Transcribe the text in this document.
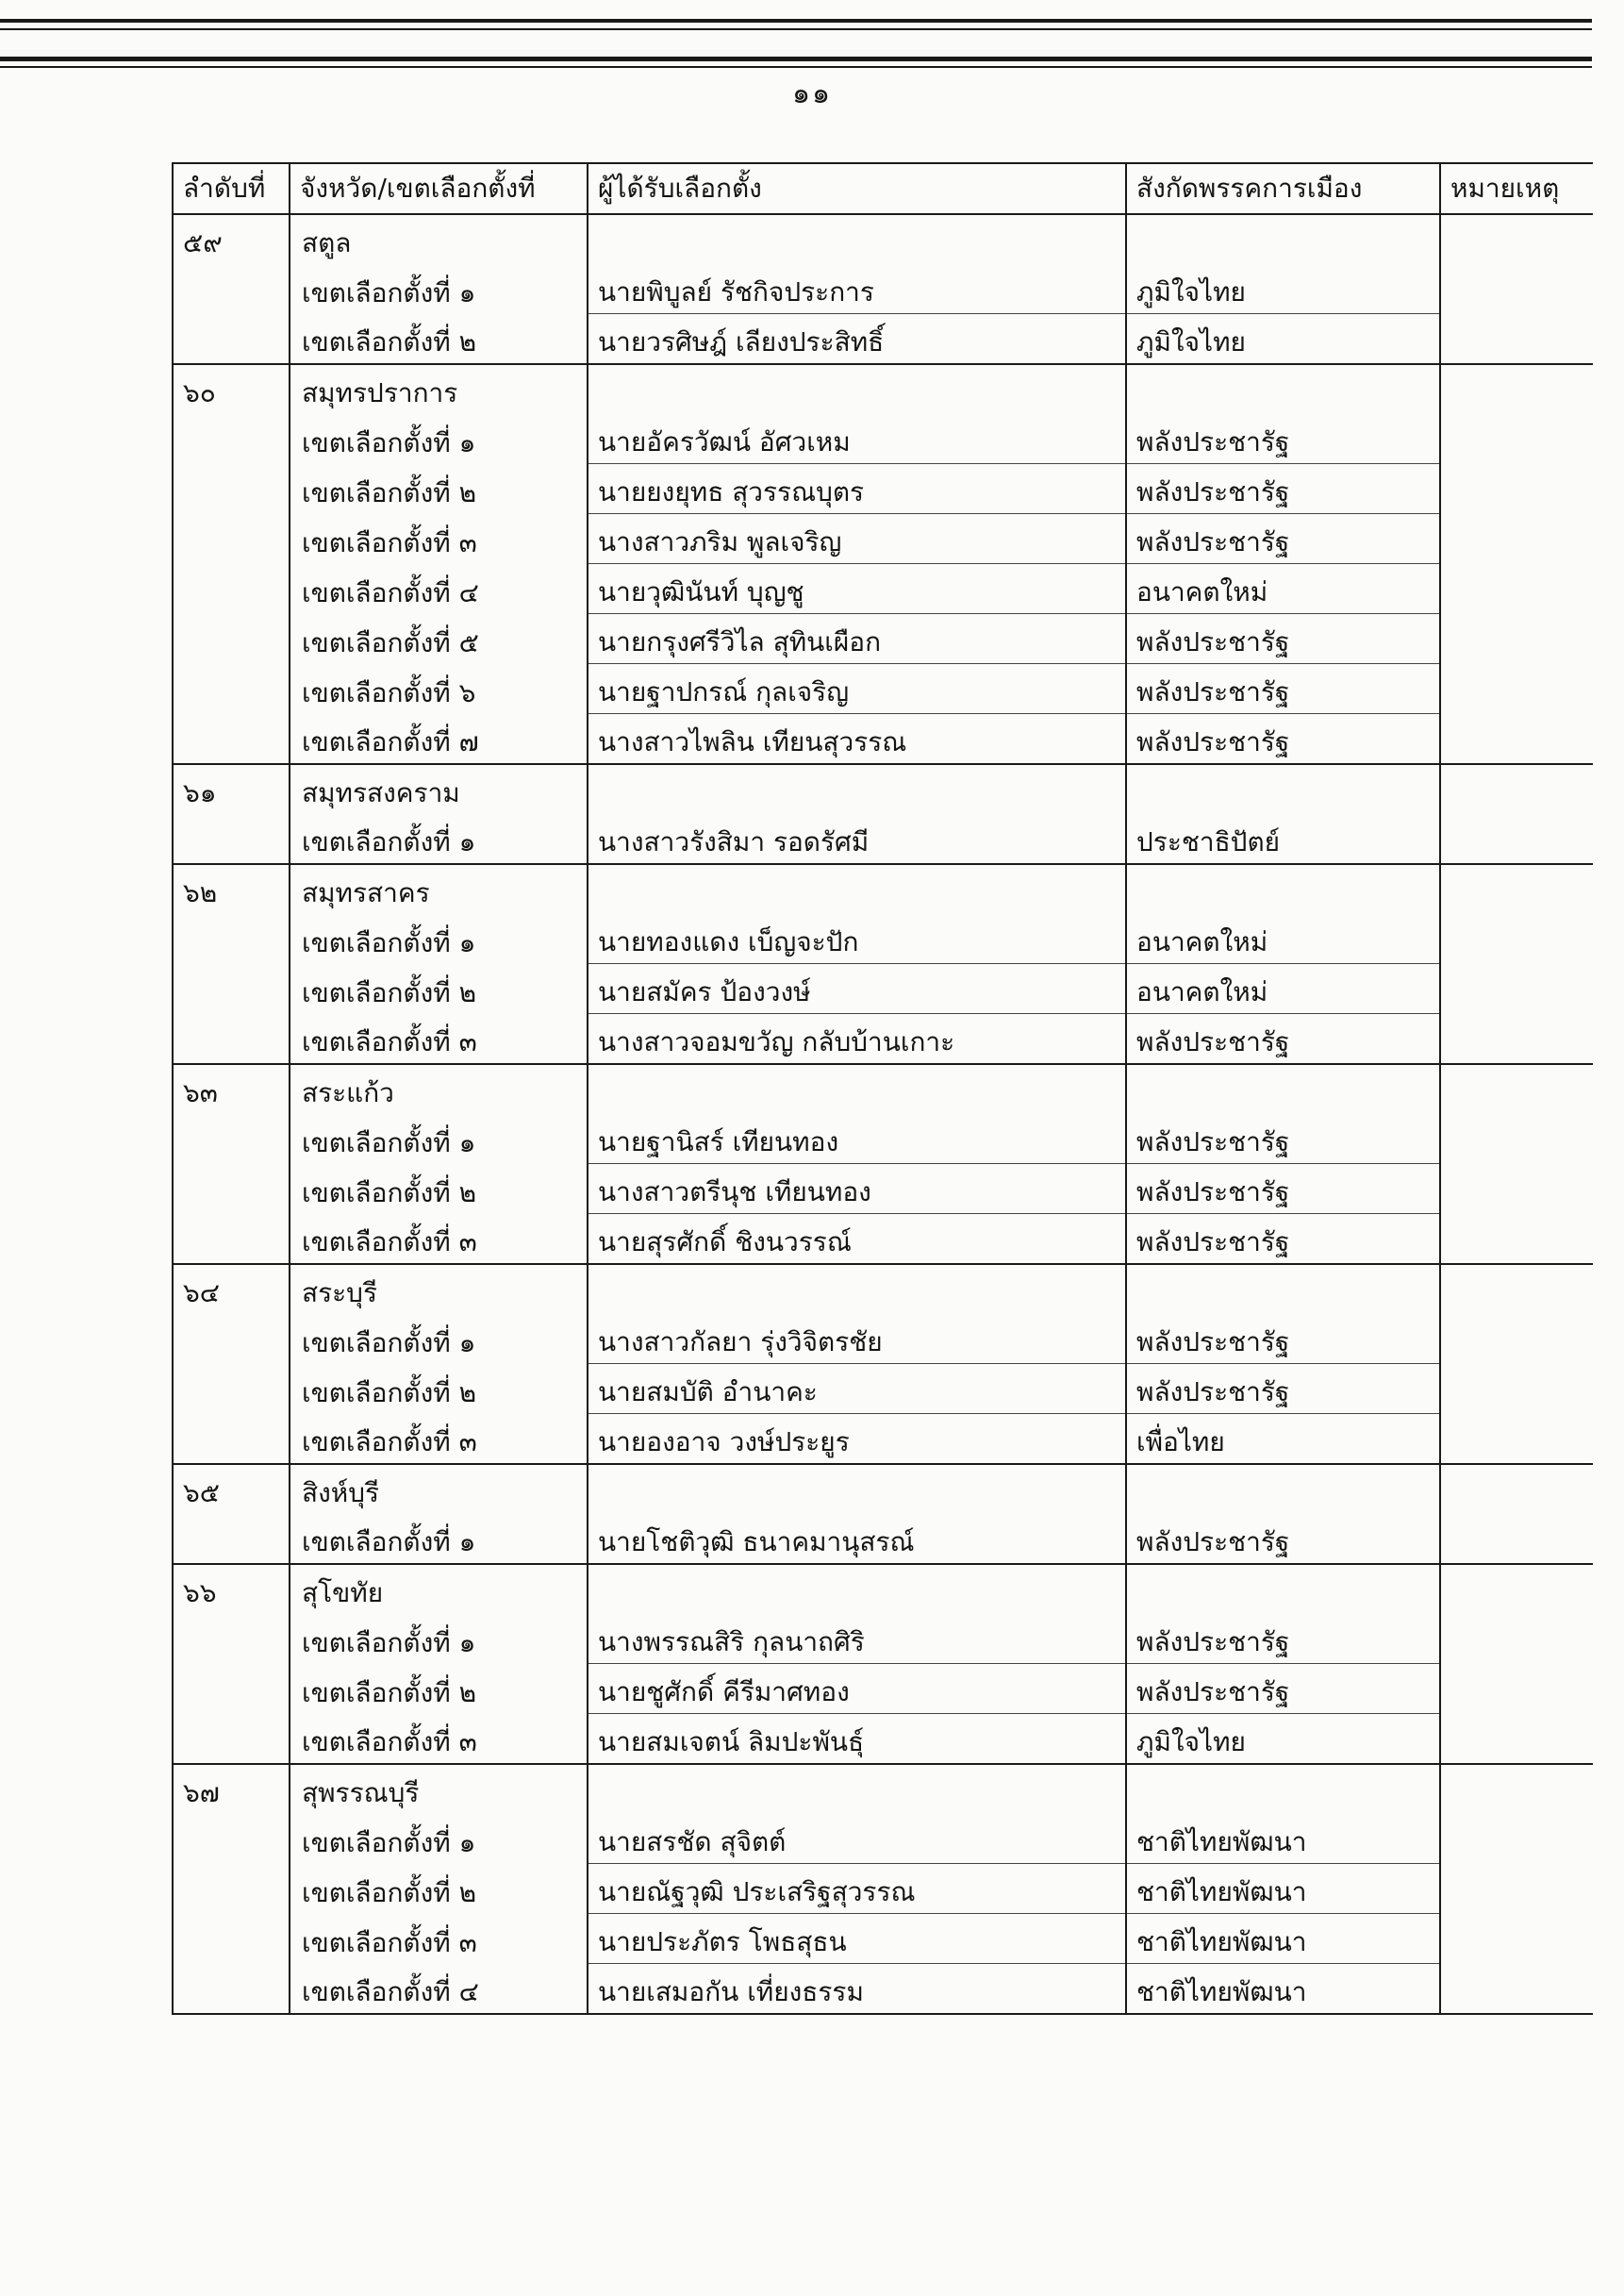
๑๑
ลำดับที่	จังหวัด/เขตเลือกตั้งที่	ผู้ได้รับเลือกตั้ง	สังกัดพรรคการเมือง	หมายเหตุ
๕๙	สตูล			
	เขตเลือกตั้งที่ ๑	นายพิบูลย์ รัชกิจประการ	ภูมิใจไทย	
	เขตเลือกตั้งที่ ๒	นายวรศิษฎ์ เลียงประสิทธิ์	ภูมิใจไทย	
๖๐	สมุทรปราการ			
	เขตเลือกตั้งที่ ๑	นายอัครวัฒน์ อัศวเหม	พลังประชารัฐ	
	เขตเลือกตั้งที่ ๒	นายยงยุทธ สุวรรณบุตร	พลังประชารัฐ	
	เขตเลือกตั้งที่ ๓	นางสาวภริม พูลเจริญ	พลังประชารัฐ	
	เขตเลือกตั้งที่ ๔	นายวุฒินันท์ บุญชู	อนาคตใหม่	
	เขตเลือกตั้งที่ ๕	นายกรุงศรีวิไล สุทินเผือก	พลังประชารัฐ	
	เขตเลือกตั้งที่ ๖	นายฐาปกรณ์ กุลเจริญ	พลังประชารัฐ	
	เขตเลือกตั้งที่ ๗	นางสาวไพลิน เทียนสุวรรณ	พลังประชารัฐ	
๖๑	สมุทรสงคราม			
	เขตเลือกตั้งที่ ๑	นางสาวรังสิมา รอดรัศมี	ประชาธิปัตย์	
๖๒	สมุทรสาคร			
	เขตเลือกตั้งที่ ๑	นายทองแดง เบ็ญจะปัก	อนาคตใหม่	
	เขตเลือกตั้งที่ ๒	นายสมัคร ป้องวงษ์	อนาคตใหม่	
	เขตเลือกตั้งที่ ๓	นางสาวจอมขวัญ กลับบ้านเกาะ	พลังประชารัฐ	
๖๓	สระแก้ว			
	เขตเลือกตั้งที่ ๑	นายฐานิสร์ เทียนทอง	พลังประชารัฐ	
	เขตเลือกตั้งที่ ๒	นางสาวตรีนุช เทียนทอง	พลังประชารัฐ	
	เขตเลือกตั้งที่ ๓	นายสุรศักดิ์ ชิงนวรรณ์	พลังประชารัฐ	
๖๔	สระบุรี			
	เขตเลือกตั้งที่ ๑	นางสาวกัลยา รุ่งวิจิตรชัย	พลังประชารัฐ	
	เขตเลือกตั้งที่ ๒	นายสมบัติ อำนาคะ	พลังประชารัฐ	
	เขตเลือกตั้งที่ ๓	นายองอาจ วงษ์ประยูร	เพื่อไทย	
๖๕	สิงห์บุรี			
	เขตเลือกตั้งที่ ๑	นายโชติวุฒิ ธนาคมานุสรณ์	พลังประชารัฐ	
๖๖	สุโขทัย			
	เขตเลือกตั้งที่ ๑	นางพรรณสิริ กุลนาถศิริ	พลังประชารัฐ	
	เขตเลือกตั้งที่ ๒	นายชูศักดิ์ คีรีมาศทอง	พลังประชารัฐ	
	เขตเลือกตั้งที่ ๓	นายสมเจตน์ ลิมปะพันธุ์	ภูมิใจไทย	
๖๗	สุพรรณบุรี			
	เขตเลือกตั้งที่ ๑	นายสรชัด สุจิตต์	ชาติไทยพัฒนา	
	เขตเลือกตั้งที่ ๒	นายณัฐวุฒิ ประเสริฐสุวรรณ	ชาติไทยพัฒนา	
	เขตเลือกตั้งที่ ๓	นายประภัตร โพธสุธน	ชาติไทยพัฒนา	
	เขตเลือกตั้งที่ ๔	นายเสมอกัน เที่ยงธรรม	ชาติไทยพัฒนา	
